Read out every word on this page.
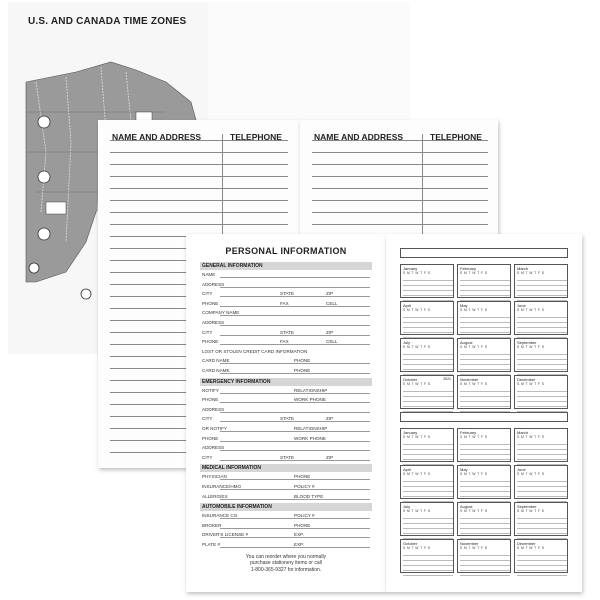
U.S. AND CANADA TIME ZONES
NAME AND ADDRESS	TELEPHONE	NAME AND ADDRESS	TELEPHONE
PERSONAL INFORMATION
GENERAL INFORMATION
NAME
ADDRESS
CITY	STATE	ZIP
PHONE	FAX	CELL
COMPANY NAME
ADDRESS
CITY	STATE	ZIP
PHONE	FAX	CELL
LOST OR STOLEN CREDIT CARD INFORMATION
CARD NAME	PHONE
CARD NAME	PHONE
EMERGENCY INFORMATION
NOTIFY	RELATIONSHIP
PHONE	WORK PHONE
ADDRESS
CITY	STATE	ZIP
OR NOTIFY	RELATIONSHIP
PHONE	WORK PHONE
ADDRESS
CITY	STATE	ZIP
MEDICAL INFORMATION
PHYSICIAN	PHONE
INSURANCE/HMO	POLICY #
ALLERGIES	BLOOD TYPE
AUTOMOBILE INFORMATION
INSURANCE CO.	POLICY #
BROKER	PHONE
DRIVER'S LICENSE #	EXP.
PLATE #	EXP.
You can reorder where you normally
purchase stationery items or call
1-800-365-9327 for information.
January
S M T W T F S
February
S M T W T F S
March
S M T W T F S
April
S M T W T F S
May
S M T W T F S
June
S M T W T F S
July
S M T W T F S
August
S M T W T F S
September
S M T W T F S
October	2021
S M T W T F S
November
S M T W T F S
December
S M T W T F S
January
S M T W T F S
February
S M T W T F S
March
S M T W T F S
April
S M T W T F S
May
S M T W T F S
June
S M T W T F S
July
S M T W T F S
August
S M T W T F S
September
S M T W T F S
October
S M T W T F S
November
S M T W T F S
December
S M T W T F S
